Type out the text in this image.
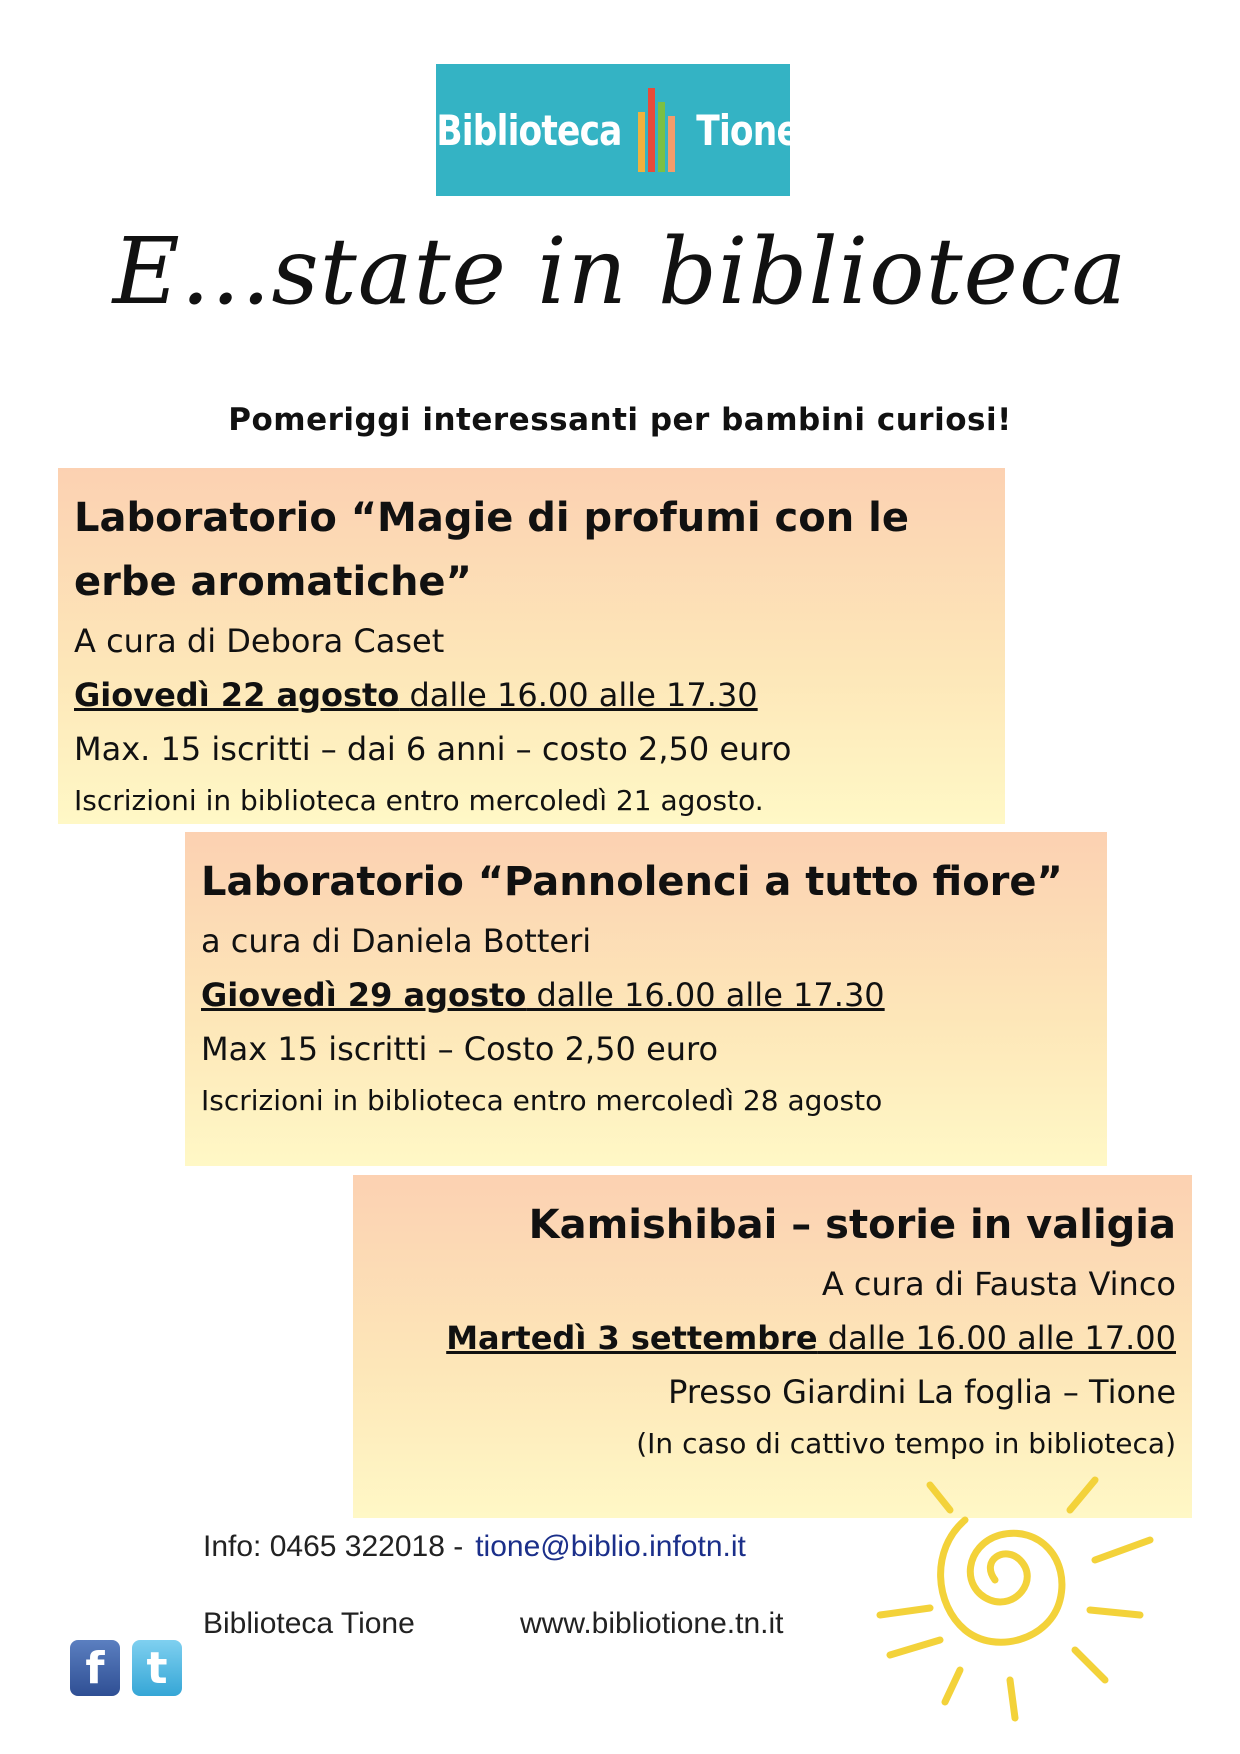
Biblioteca Tione
E...state in biblioteca
Pomeriggi interessanti per bambini curiosi!
Laboratorio “Magie di profumi con le
erbe aromatiche”
A cura di Debora Caset
Giovedì 22 agosto dalle 16.00 alle 17.30
Max. 15 iscritti – dai 6 anni – costo 2,50 euro
Iscrizioni in biblioteca entro mercoledì 21 agosto.
Laboratorio “Pannolenci a tutto fiore”
a cura di Daniela Botteri
Giovedì 29 agosto dalle 16.00 alle 17.30
Max 15 iscritti – Costo 2,50 euro
Iscrizioni in biblioteca entro mercoledì 28 agosto
Kamishibai – storie in valigia
A cura di Fausta Vinco
Martedì 3 settembre dalle 16.00 alle 17.00
Presso Giardini La foglia – Tione
(In caso di cattivo tempo in biblioteca)
Info: 0465 322018 - tione@biblio.infotn.it
Biblioteca Tione	www.bibliotione.tn.it
f t
